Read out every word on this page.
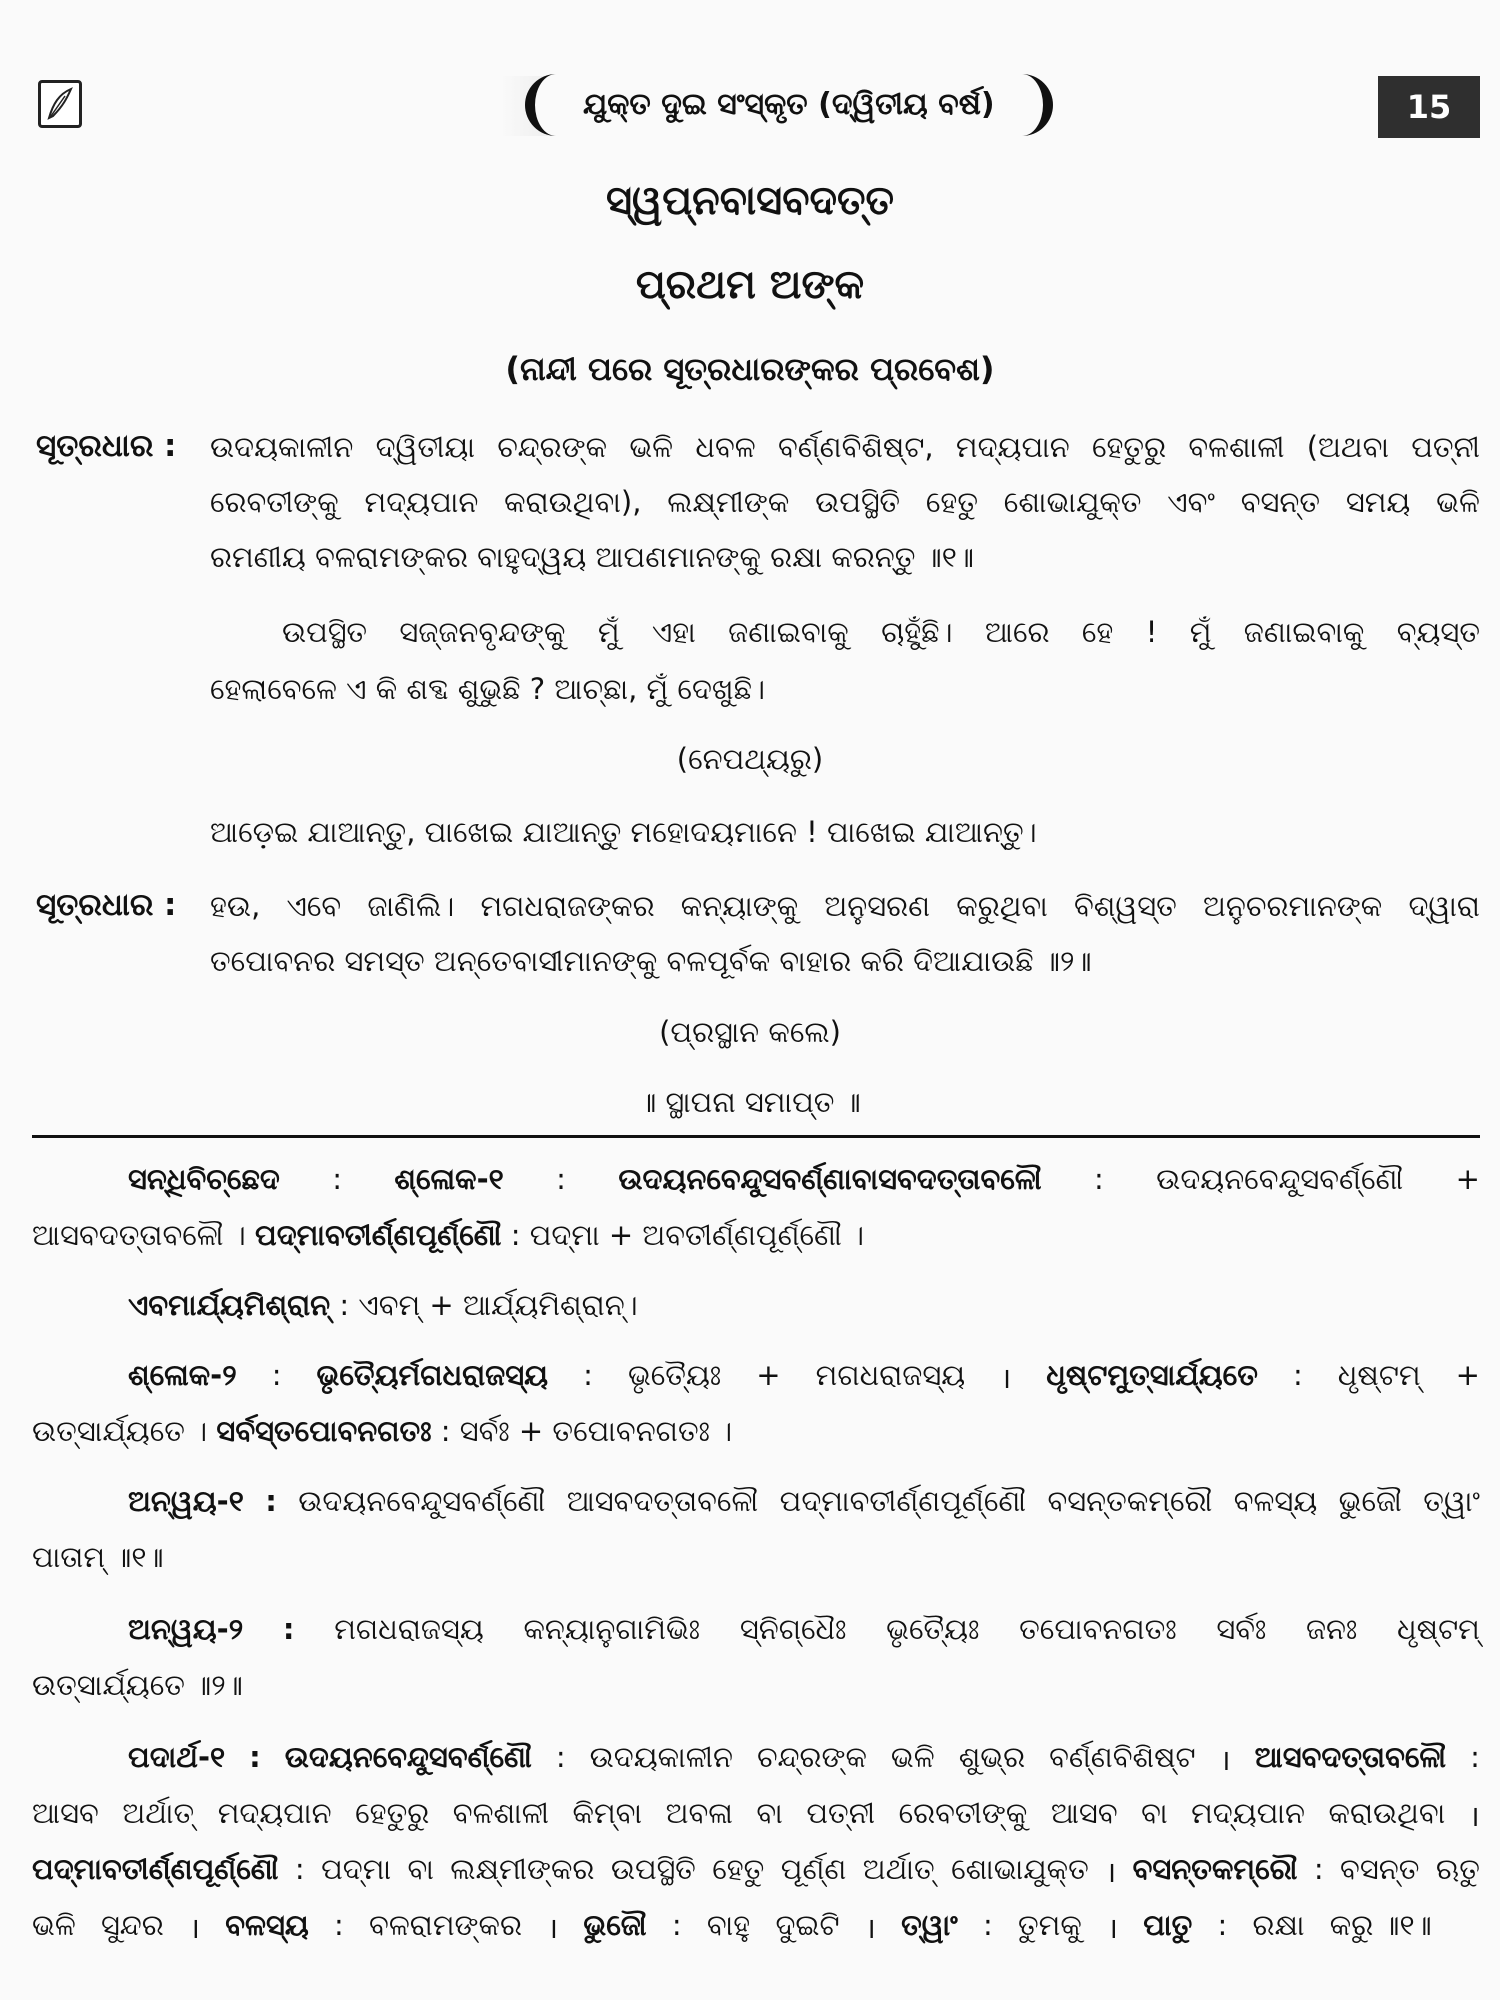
ଯୁକ୍ତ ଦୁଇ ସଂସ୍କୃତ (ଦ୍ୱିତୀୟ ବର୍ଷ)	15
ସ୍ୱପ୍ନବାସବଦତ୍ତ
ପ୍ରଥମ ଅଙ୍କ
(ନାନ୍ଦୀ ପରେ ସୂତ୍ରଧାରଙ୍କର ପ୍ରବେଶ)
ସୂତ୍ରଧାର : ଉଦୟକାଳୀନ ଦ୍ୱିତୀୟା ଚନ୍ଦ୍ରଙ୍କ ଭଳି ଧବଳ ବର୍ଣ୍ଣବିଶିଷ୍ଟ, ମଦ୍ୟପାନ ହେତୁରୁ ବଳଶାଳୀ (ଅଥବା ପତ୍ନୀ
ରେବତୀଙ୍କୁ ମଦ୍ୟପାନ କରାଉଥିବା), ଲକ୍ଷ୍ମୀଙ୍କ ଉପସ୍ଥିତି ହେତୁ ଶୋଭାଯୁକ୍ତ ଏବଂ ବସନ୍ତ ସମୟ ଭଳି
ରମଣୀୟ ବଳରାମଙ୍କର ବାହୁଦ୍ୱୟ ଆପଣମାନଙ୍କୁ ରକ୍ଷା କରନ୍ତୁ ॥୧॥
ଉପସ୍ଥିତ ସଜ୍ଜନବୃନ୍ଦଙ୍କୁ ମୁଁ ଏହା ଜଣାଇବାକୁ ଚାହୁଁଛି। ଆରେ ହେ ! ମୁଁ ଜଣାଇବାକୁ ବ୍ୟସ୍ତ
ହେଲାବେଳେ ଏ କି ଶବ୍ଦ ଶୁଭୁଛି ? ଆଚ୍ଛା, ମୁଁ ଦେଖୁଛି।
(ନେପଥ୍ୟରୁ)
ଆଡ଼େଇ ଯାଆନ୍ତୁ, ପାଖେଇ ଯାଆନ୍ତୁ ମହୋଦୟମାନେ ! ପାଖେଇ ଯାଆନ୍ତୁ।
ସୂତ୍ରଧାର : ହଉ, ଏବେ ଜାଣିଲି। ମଗଧରାଜଙ୍କର କନ୍ୟାଙ୍କୁ ଅନୁସରଣ କରୁଥିବା ବିଶ୍ୱସ୍ତ ଅନୁଚରମାନଙ୍କ ଦ୍ୱାରା
ତପୋବନର ସମସ୍ତ ଅନ୍ତେବାସୀମାନଙ୍କୁ ବଳପୂର୍ବକ ବାହାର କରି ଦିଆଯାଉଛି ॥୨॥
(ପ୍ରସ୍ଥାନ କଲେ)
॥ ସ୍ଥାପନା ସମାପ୍ତ ॥
ସନ୍ଧିବିଚ୍ଛେଦ : ଶ୍ଳୋକ-୧ : ଉଦୟନବେନ୍ଦୁସବର୍ଣ୍ଣାବାସବଦତ୍ତାବଳୌ : ଉଦୟନବେନ୍ଦୁସବର୍ଣ୍ଣୌ +
ଆସବଦତ୍ତାବଳୌ । ପଦ୍ମାବତୀର୍ଣ୍ଣପୂର୍ଣ୍ଣୌ : ପଦ୍ମା + ଅବତୀର୍ଣ୍ଣପୂର୍ଣ୍ଣୌ ।
ଏବମାର୍ଯ୍ୟମିଶ୍ରାନ୍ : ଏବମ୍ + ଆର୍ଯ୍ୟମିଶ୍ରାନ୍।
ଶ୍ଳୋକ-୨ : ଭୃତ୍ୟୈର୍ମଗଧରାଜସ୍ୟ : ଭୃତ୍ୟୈଃ + ମଗଧରାଜସ୍ୟ । ଧୃଷ୍ଟମୁତ୍ସାର୍ଯ୍ୟତେ : ଧୃଷ୍ଟମ୍ +
ଉତ୍ସାର୍ଯ୍ୟତେ । ସର୍ବସ୍ତପୋବନଗତଃ : ସର୍ବଃ + ତପୋବନଗତଃ ।
ଅନ୍ୱୟ-୧ : ଉଦୟନବେନ୍ଦୁସବର୍ଣ୍ଣୌ ଆସବଦତ୍ତାବଳୌ ପଦ୍ମାବତୀର୍ଣ୍ଣପୂର୍ଣ୍ଣୌ ବସନ୍ତକମ୍ରୌ ବଳସ୍ୟ ଭୁଜୌ ତ୍ୱାଂ
ପାତାମ୍ ॥୧॥
ଅନ୍ୱୟ-୨ : ମଗଧରାଜସ୍ୟ କନ୍ୟାନୁଗାମିଭିଃ ସ୍ନିଗ୍ଧୈଃ ଭୃତ୍ୟୈଃ ତପୋବନଗତଃ ସର୍ବଃ ଜନଃ ଧୃଷ୍ଟମ୍
ଉତ୍ସାର୍ଯ୍ୟତେ ॥୨॥
ପଦାର୍ଥ-୧ : ଉଦୟନବେନ୍ଦୁସବର୍ଣ୍ଣୌ : ଉଦୟକାଳୀନ ଚନ୍ଦ୍ରଙ୍କ ଭଳି ଶୁଭ୍ର ବର୍ଣ୍ଣବିଶିଷ୍ଟ । ଆସବଦତ୍ତାବଳୌ :
ଆସବ ଅର୍ଥାତ୍ ମଦ୍ୟପାନ ହେତୁରୁ ବଳଶାଳୀ କିମ୍ବା ଅବଳା ବା ପତ୍ନୀ ରେବତୀଙ୍କୁ ଆସବ ବା ମଦ୍ୟପାନ କରାଉଥିବା ।
ପଦ୍ମାବତୀର୍ଣ୍ଣପୂର୍ଣ୍ଣୌ : ପଦ୍ମା ବା ଲକ୍ଷ୍ମୀଙ୍କର ଉପସ୍ଥିତି ହେତୁ ପୂର୍ଣ୍ଣ ଅର୍ଥାତ୍ ଶୋଭାଯୁକ୍ତ । ବସନ୍ତକମ୍ରୌ : ବସନ୍ତ ଋତୁ
ଭଳି ସୁନ୍ଦର । ବଳସ୍ୟ : ବଳରାମଙ୍କର । ଭୁଜୌ : ବାହୁ ଦୁଇଟି । ତ୍ୱାଂ : ତୁମକୁ । ପାତୁ : ରକ୍ଷା କରୁ ॥୧॥
